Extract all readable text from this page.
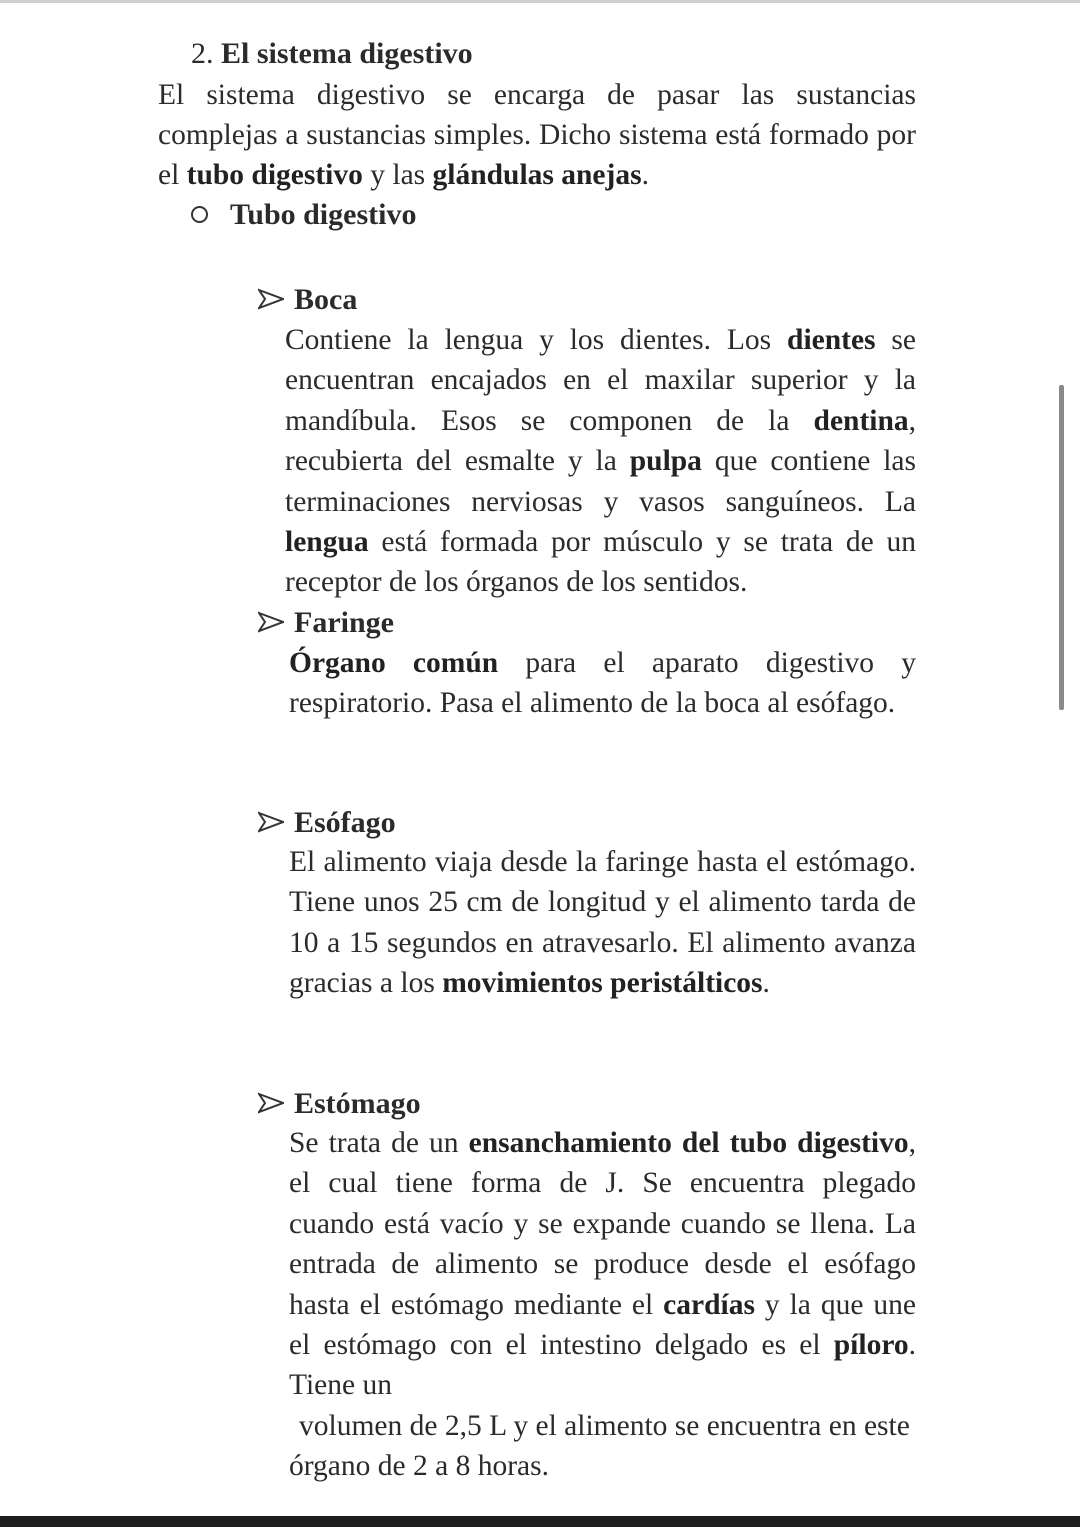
2. El sistema digestivo

El sistema digestivo se encarga de pasar las sustancias complejas a sustancias simples. Dicho sistema está formado por el tubo digestivo y las glándulas anejas.

Tubo digestivo
Boca

Contiene la lengua y los dientes. Los dientes se encuentran encajados en el maxilar superior y la mandíbula. Esos se componen de la dentina, recubierta del esmalte y la pulpa que contiene las terminaciones nerviosas y vasos sanguíneos. La lengua está formada por músculo y se trata de un receptor de los órganos de los sentidos.

Faringe

Órgano común para el aparato digestivo y respiratorio. Pasa el alimento de la boca al esófago.

Esófago

El alimento viaja desde la faringe hasta el estómago. Tiene unos 25 cm de longitud y el alimento tarda de 10 a 15 segundos en atravesarlo. El alimento avanza gracias a los movimientos peristálticos.

Estómago

Se trata de un ensanchamiento del tubo digestivo, el cual tiene forma de J. Se encuentra plegado cuando está vacío y se expande cuando se llena. La entrada de alimento se produce desde el esófago hasta el estómago mediante el cardías y la que une el estómago con el intestino delgado es el píloro. Tiene un

volumen de 2,5 L y el alimento se encuentra en este órgano de 2 a 8 horas.
